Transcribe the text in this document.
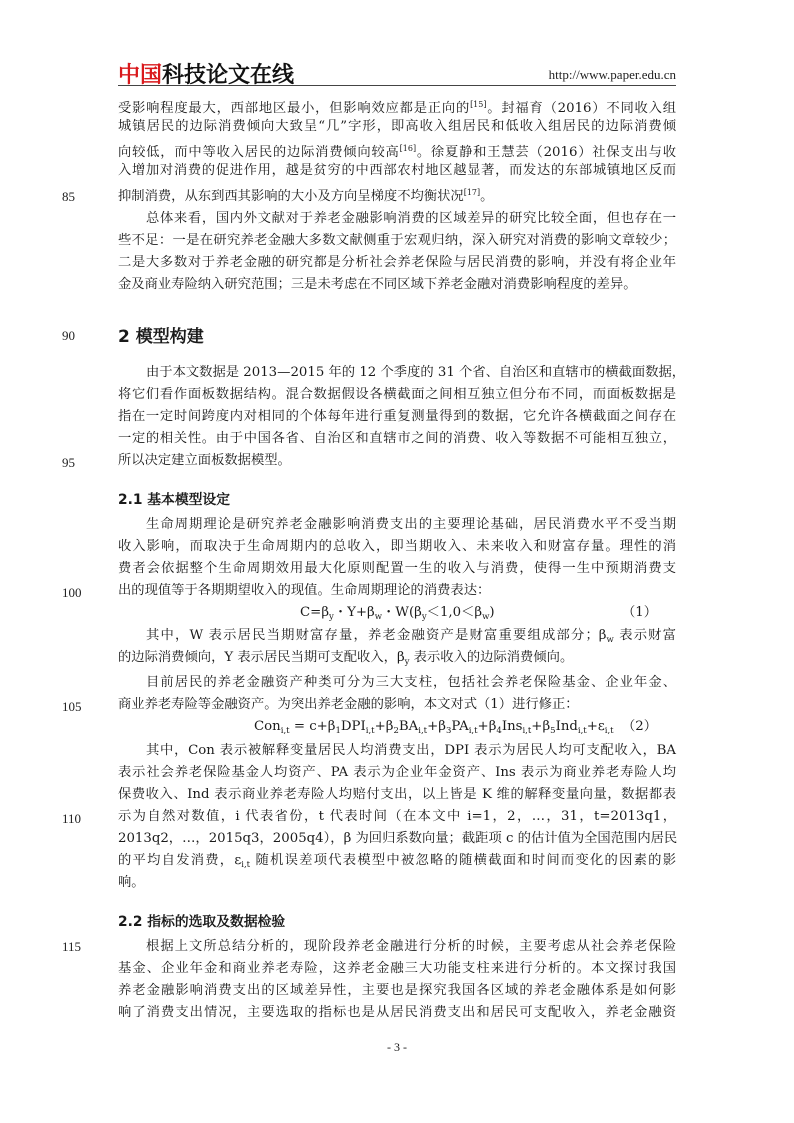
中国科技论文在线	http://www.paper.edu.cn
受影响程度最大，西部地区最小，但影响效应都是正向的[15]。封福育（2016）不同收入组
城镇居民的边际消费倾向大致呈“几”字形，即高收入组居民和低收入组居民的边际消费倾
向较低，而中等收入居民的边际消费倾向较高[16]。徐夏静和王慧芸（2016）社保支出与收
入增加对消费的促进作用，越是贫穷的中西部农村地区越显著，而发达的东部城镇地区反而
抑制消费，从东到西其影响的大小及方向呈梯度不均衡状况[17]。
85
总体来看，国内外文献对于养老金融影响消费的区域差异的研究比较全面，但也存在一
些不足：一是在研究养老金融大多数文献侧重于宏观归纳，深入研究对消费的影响文章较少；
二是大多数对于养老金融的研究都是分析社会养老保险与居民消费的影响，并没有将企业年
金及商业寿险纳入研究范围；三是未考虑在不同区域下养老金融对消费影响程度的差异。
90	2 模型构建
由于本文数据是 2013—2015 年的 12 个季度的 31 个省、自治区和直辖市的横截面数据，
将它们看作面板数据结构。混合数据假设各横截面之间相互独立但分布不同，而面板数据是
指在一定时间跨度内对相同的个体每年进行重复测量得到的数据，它允许各横截面之间存在
一定的相关性。由于中国各省、自治区和直辖市之间的消费、收入等数据不可能相互独立，
所以决定建立面板数据模型。
95
2.1 基本模型设定
生命周期理论是研究养老金融影响消费支出的主要理论基础，居民消费水平不受当期
收入影响，而取决于生命周期内的总收入，即当期收入、未来收入和财富存量。理性的消
费者会依据整个生命周期效用最大化原则配置一生的收入与消费，使得一生中预期消费支
出的现值等于各期期望收入的现值。生命周期理论的消费表达：
100
$C=\beta_y$・$Y+\beta_w$・$W(\beta_y<1,0<\beta_w)$	（1）
其中，W 表示居民当期财富存量，养老金融资产是财富重要组成部分；$\beta_w$ 表示财富
的边际消费倾向，Y 表示居民当期可支配收入，$\beta_y$ 表示收入的边际消费倾向。
目前居民的养老金融资产种类可分为三大支柱，包括社会养老保险基金、企业年金、
商业养老寿险等金融资产。为突出养老金融的影响，本文对式（1）进行修正：
105
$Con_{i,t} = c+\beta_1DPI_{i,t}+\beta_2BA_{i,t}+\beta_3PA_{i,t}+\beta_4Ins_{i,t}+\beta_5Ind_{i,t}+\varepsilon_{i,t}$ （2）
其中，Con 表示被解释变量居民人均消费支出，DPI 表示为居民人均可支配收入，BA
表示社会养老保险基金人均资产、PA 表示为企业年金资产、Ins 表示为商业养老寿险人均
保费收入、Ind 表示商业养老寿险人均赔付支出，以上皆是 K 维的解释变量向量，数据都表
示为自然对数值，i 代表省份，t 代表时间（在本文中 i=1，2，…，31，t=2013q1，
110
2013q2，…，2015q3，2005q4），β 为回归系数向量；截距项 c 的估计值为全国范围内居民
的平均自发消费，$\varepsilon_{i,t}$ 随机误差项代表模型中被忽略的随横截面和时间而变化的因素的影
响。
2.2 指标的选取及数据检验
115	根据上文所总结分析的，现阶段养老金融进行分析的时候，主要考虑从社会养老保险
基金、企业年金和商业养老寿险，这养老金融三大功能支柱来进行分析的。本文探讨我国
养老金融影响消费支出的区域差异性，主要也是探究我国各区域的养老金融体系是如何影
响了消费支出情况，主要选取的指标也是从居民消费支出和居民可支配收入，养老金融资
- 3 -
